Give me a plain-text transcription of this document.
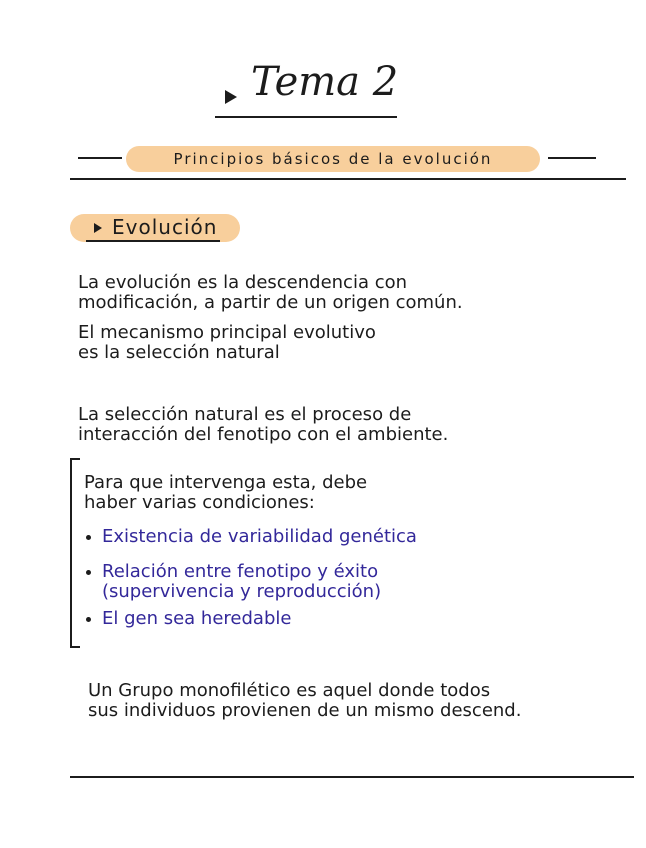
Tema 2
Principios básicos de la evolución
Evolución
La evolución es la descendencia con
modificación, a partir de un origen común.
El mecanismo principal evolutivo
es la selección natural
La selección natural es el proceso de
interacción del fenotipo con el ambiente.
Para que intervenga esta, debe
haber varias condiciones:
Existencia de variabilidad genética
Relación entre fenotipo y éxito
(supervivencia y reproducción)
El gen sea heredable
Un Grupo monofilético es aquel donde todos
sus individuos provienen de un mismo descend.
